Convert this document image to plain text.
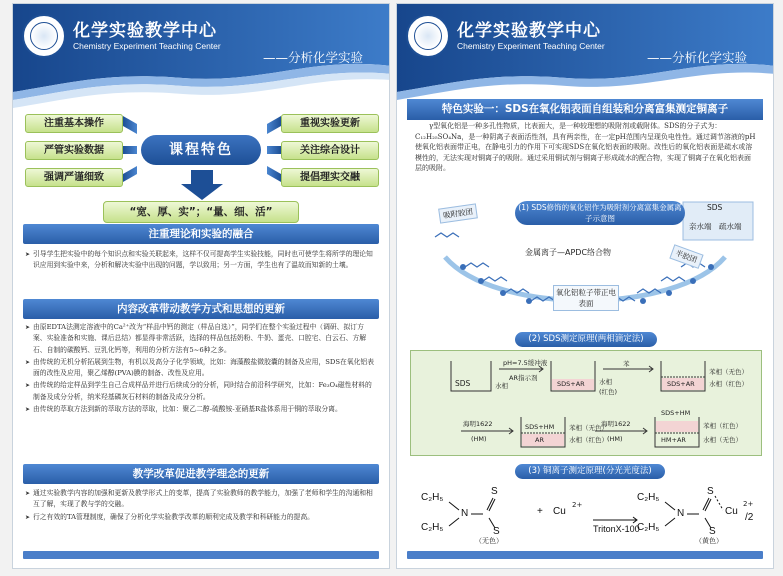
化学实验教学中心
Chemistry Experiment Teaching Center
——分析化学实验
注重基本操作
严管实验数据
强调严谨细致
重视实验更新
关注综合设计
提倡理实交融
课程特色
“宽、厚、实”；“量、细、活”
注重理论和实验的融合
➤ 引导学生把实验中的每个知识点和实验关联起来，这样不仅可提高学生实验技能，同时也可使学生将所学的理论知识应用到实验中来，分析和解决实验中出现的问题，学以致用；另一方面，学生也有了温故而知新的土壤。
内容改革带动教学方式和思想的更新
➤ 由原EDTA法测定溶液中的Ca²⁺改为“样品中钙的测定（样品自选）”，同学们在整个实验过程中（调研、拟订方案、实验准备和实施、课后总结）都显得非常活跃，选择的样品包括奶粉、牛奶、蛋壳、口腔宅、白云石、方解石、自制的碳酸钙、豆乳化钙等，利用的分析方法有5~6种之多。
➤ 由传统的无机分析拓展到生物，有机以及高分子化学领域，比如：海藻酸盐微胶囊的制备及应用，SDS在氧化铝表面的改性及应用，聚乙烯醇(PVA)膜的制备、改性及应用。
➤ 由传统的给定样品到学生自己合成样品并进行后续成分的分析，同时结合前沿科学研究，比如：Fe₃O₄磁性材料的制备及成分分析，纳米羟基磷灰石材料的制备及成分分析。
➤ 由传统的萃取方法到新的萃取方法的萃取，比如：聚乙二醇-硫酸铵-亚硝基R盐体系用于铜的萃取分离。
教学改革促进教学理念的更新
➤ 通过实验教学内容的加强和更新及教学形式上的变革，提高了实验教师的教学能力，加强了老师和学生的沟通和相互了解，实现了教与学的交融。
➤ 行之有效的TA管理制度，确保了分析化学实验教学改革的顺利完成及教学和科研能力的提高。
化学实验教学中心
Chemistry Experiment Teaching Center
——分析化学实验
特色实验一：SDS在氧化铝表面自组装和分离富集测定铜离子
γ型氧化铝是一种多孔性物质，比表面大，是一种较理想的吸附剂或载附体。SDS的分子式为：C₁₂H₂₅SO₄Na，是一种阴离子表面活性剂，具有两亲性，在一定pH范围内呈现负电性性。通过调节溶液的pH使氧化铝表面带正电，在静电引力的作用下可实现SDS在氧化铝表面的吸附。改性后的氧化铝表面是疏水或溶模性的，无法实现对铜离子的吸附。通过采用铜试剂与铜离子形成疏水的配合物，实现了铜离子在氧化铝表面层的吸附。
(1) SDS修饰的氧化铝作为吸附剂分离富集金属离子示意图
吸附胶团
半胶团
金属离子—APDC络合物
氧化铝粒子带正电表面
SDS
亲水端 疏水端
(2) SDS测定原理(两相滴定法)
SDS	水相
pH=7.5缓冲液
AR指示剂
SDS+AR 水相
(红色)
苯
SDS+AR
苯相（无色）
水相（红色）
海明1622
(HM)
SDS+HM
AR
苯相（无色）
水相（红色）
海明1622
(HM)
SDS+HM
HM+AR
苯相（红色）
水相（无色）
(3) 铜离子测定原理(分光光度法)
C₂H₅
C₂H₅
N
S
S
（无色）
+ Cu
2+
TritonX-100
C₂H₅
C₂H₅
N
S
S
Cu
2+
/2
（黄色）
